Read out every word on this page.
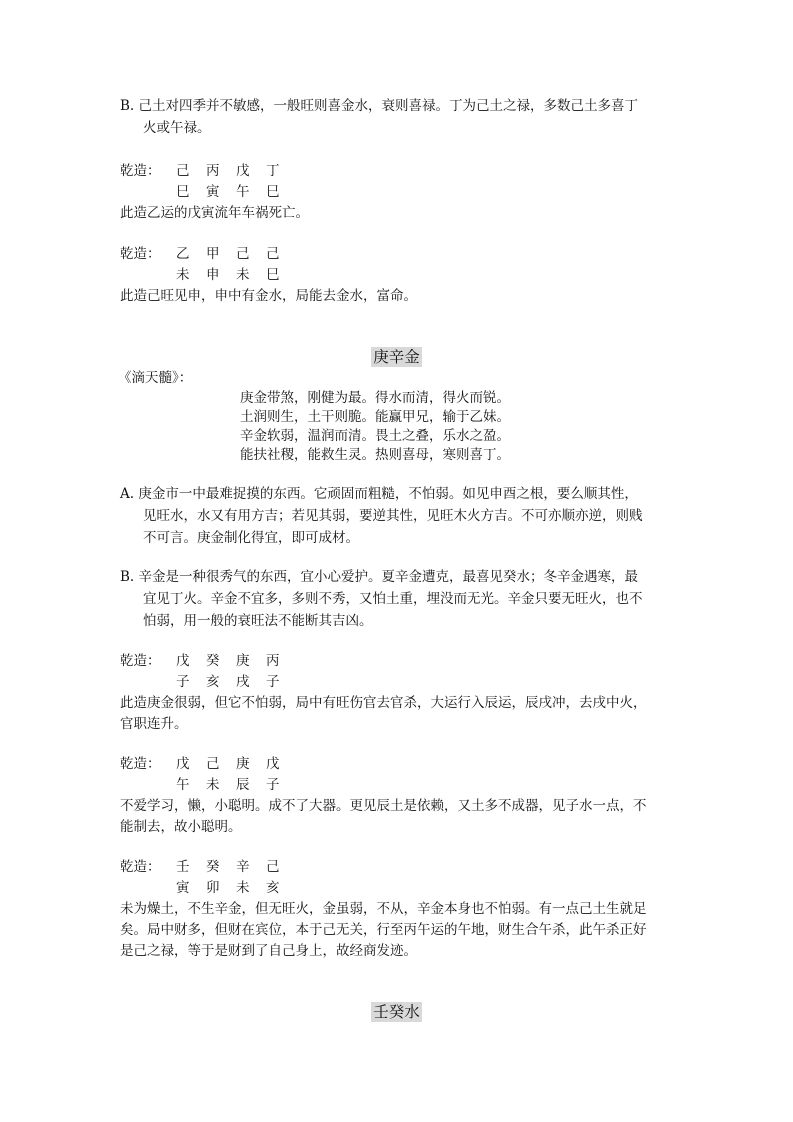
B. 己土对四季并不敏感，一般旺则喜金水，衰则喜禄。丁为己土之禄，多数己土多喜丁
火或午禄。
乾造： 己 丙 戊 丁
巳 寅 午 巳
此造乙运的戊寅流年车祸死亡。
乾造： 乙 甲 己 己
未 申 未 巳
此造己旺见申，申中有金水，局能去金水，富命。
庚辛金
《滴天髓》：
庚金带煞，刚健为最。得水而清，得火而锐。
土润则生，土干则脆。能赢甲兄，输于乙妹。
辛金软弱，温润而清。畏土之叠，乐水之盈。
能扶社稷，能救生灵。热则喜母，寒则喜丁。
A. 庚金市一中最难捉摸的东西。它顽固而粗糙，不怕弱。如见申酉之根，要么顺其性，
见旺水，水又有用方吉；若见其弱，要逆其性，见旺木火方吉。不可亦顺亦逆，则贱
不可言。庚金制化得宜，即可成材。
B. 辛金是一种很秀气的东西，宜小心爱护。夏辛金遭克，最喜见癸水；冬辛金遇寒，最
宜见丁火。辛金不宜多，多则不秀，又怕土重，埋没而无光。辛金只要无旺火，也不
怕弱，用一般的衰旺法不能断其吉凶。
乾造： 戊 癸 庚 丙
子 亥 戌 子
此造庚金很弱，但它不怕弱，局中有旺伤官去官杀，大运行入辰运，辰戌冲，去戌中火，
官职连升。
乾造： 戊 己 庚 戊
午 未 辰 子
不爱学习，懒，小聪明。成不了大器。更见辰土是依赖，又土多不成器，见子水一点，不
能制去，故小聪明。
乾造： 壬 癸 辛 己
寅 卯 未 亥
未为燥土，不生辛金，但无旺火，金虽弱，不从，辛金本身也不怕弱。有一点己土生就足
矣。局中财多，但财在宾位，本于己无关，行至丙午运的午地，财生合午杀，此午杀正好
是己之禄，等于是财到了自己身上，故经商发迹。
壬癸水
